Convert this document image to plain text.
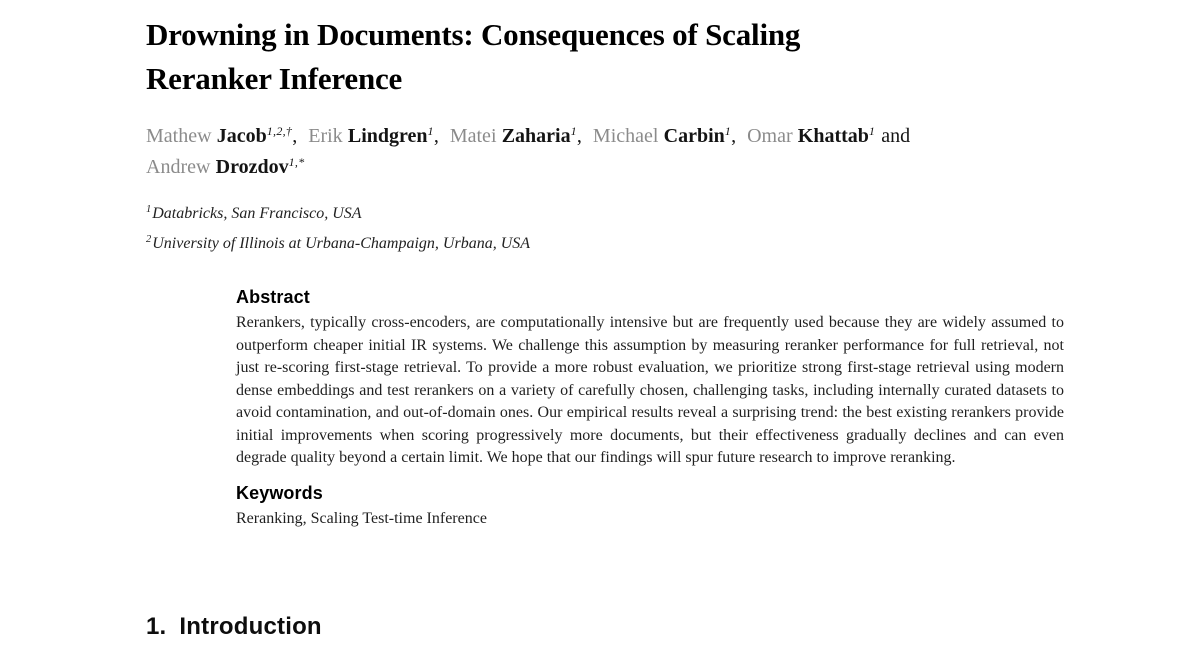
Drowning in Documents: Consequences of Scaling
Reranker Inference
Mathew Jacob$^{1,2,\dagger}$, Erik Lindgren$^1$, Matei Zaharia$^1$, Michael Carbin$^1$, Omar Khattab$^1$ and Andrew Drozdov$^{1,*}$
$^1$Databricks, San Francisco, USA
$^2$University of Illinois at Urbana-Champaign, Urbana, USA
Abstract

Rerankers, typically cross-encoders, are computationally intensive but are frequently used because they are widely assumed to outperform cheaper initial IR systems. We challenge this assumption by measuring reranker performance for full retrieval, not just re-scoring first-stage retrieval. To provide a more robust evaluation, we prioritize strong first-stage retrieval using modern dense embeddings and test rerankers on a variety of carefully chosen, challenging tasks, including internally curated datasets to avoid contamination, and out-of-domain ones. Our empirical results reveal a surprising trend: the best existing rerankers provide initial improvements when scoring progressively more documents, but their effectiveness gradually declines and can even degrade quality beyond a certain limit. We hope that our findings will spur future research to improve reranking.

Keywords

Reranking, Scaling Test-time Inference

1. Introduction
